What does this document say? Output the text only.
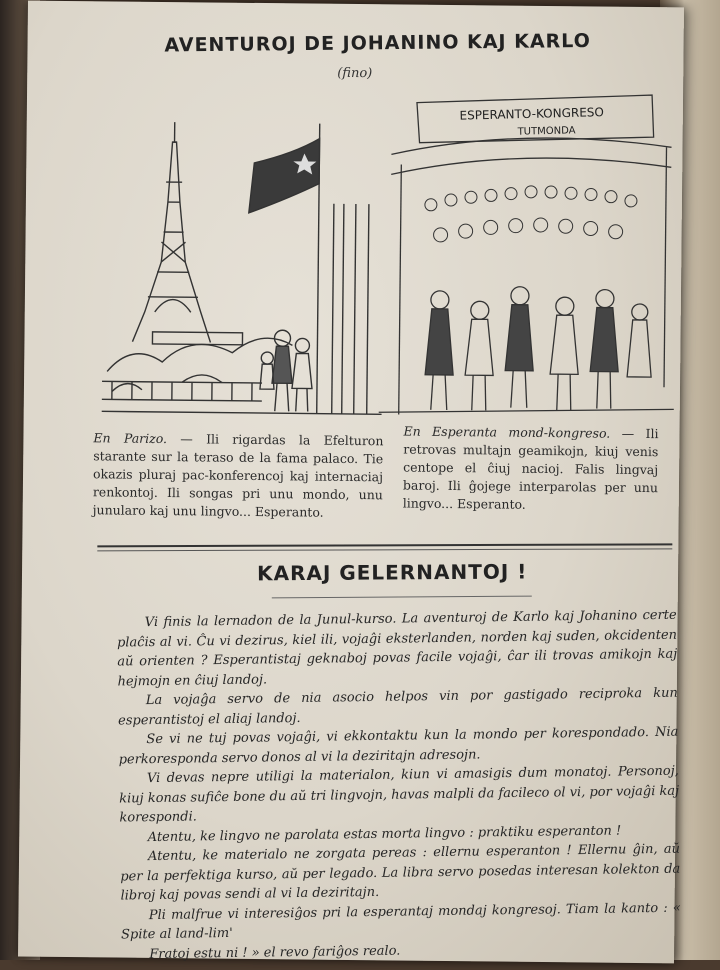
AVENTUROJ DE JOHANINO KAJ KARLO
(fino)
ESPERANTO-KONGRESO
TUTMONDA
En Parizo. — Ili rigardas la Efelturon starante sur la teraso de la fama palaco. Tie okazis pluraj pac-konferencoj kaj internaciaj renkontoj. Ili songas pri unu mondo, unu junularo kaj unu lingvo... Esperanto.
En Esperanta mond-kongreso. — Ili retrovas multajn geamikojn, kiuj venis centope el ĉiuj nacioj. Falis lingvaj baroj. Ili ĝojege interparolas per unu lingvo... Esperanto.
KARAJ GELERNANTOJ !

Vi finis la lernadon de la Junul-kurso. La aventuroj de Karlo kaj Johanino certe plaĉis al vi. Ĉu vi dezirus, kiel ili, vojaĝi eksterlanden, norden kaj suden, okcidenten aŭ orienten ? Esperantistaj geknaboj povas facile vojaĝi, ĉar ili trovas amikojn kaj hejmojn en ĉiuj landoj.

La vojaĝa servo de nia asocio helpos vin por gastigado reciproka kun esperantistoj el aliaj landoj.

Se vi ne tuj povas vojaĝi, vi ekkontaktu kun la mondo per korespondado. Nia perkoresponda servo donos al vi la deziritajn adresojn.

Vi devas nepre utiligi la materialon, kiun vi amasigis dum monatoj. Personoj, kiuj konas sufiĉe bone du aŭ tri lingvojn, havas malpli da facileco ol vi, por vojaĝi kaj korespondi.

Atentu, ke lingvo ne parolata estas morta lingvo : praktiku esperanton !

Atentu, ke materialo ne zorgata pereas : ellernu esperanton ! Ellernu ĝin, aŭ per la perfektiga kurso, aŭ per legado. La libra servo posedas interesan kolekton da libroj kaj povas sendi al vi la deziritajn.

Pli malfrue vi interesiĝos pri la esperantaj mondaj kongresoj. Tiam la kanto : « Spite al land-lim'

Fratoj estu ni ! » el revo fariĝos realo.
